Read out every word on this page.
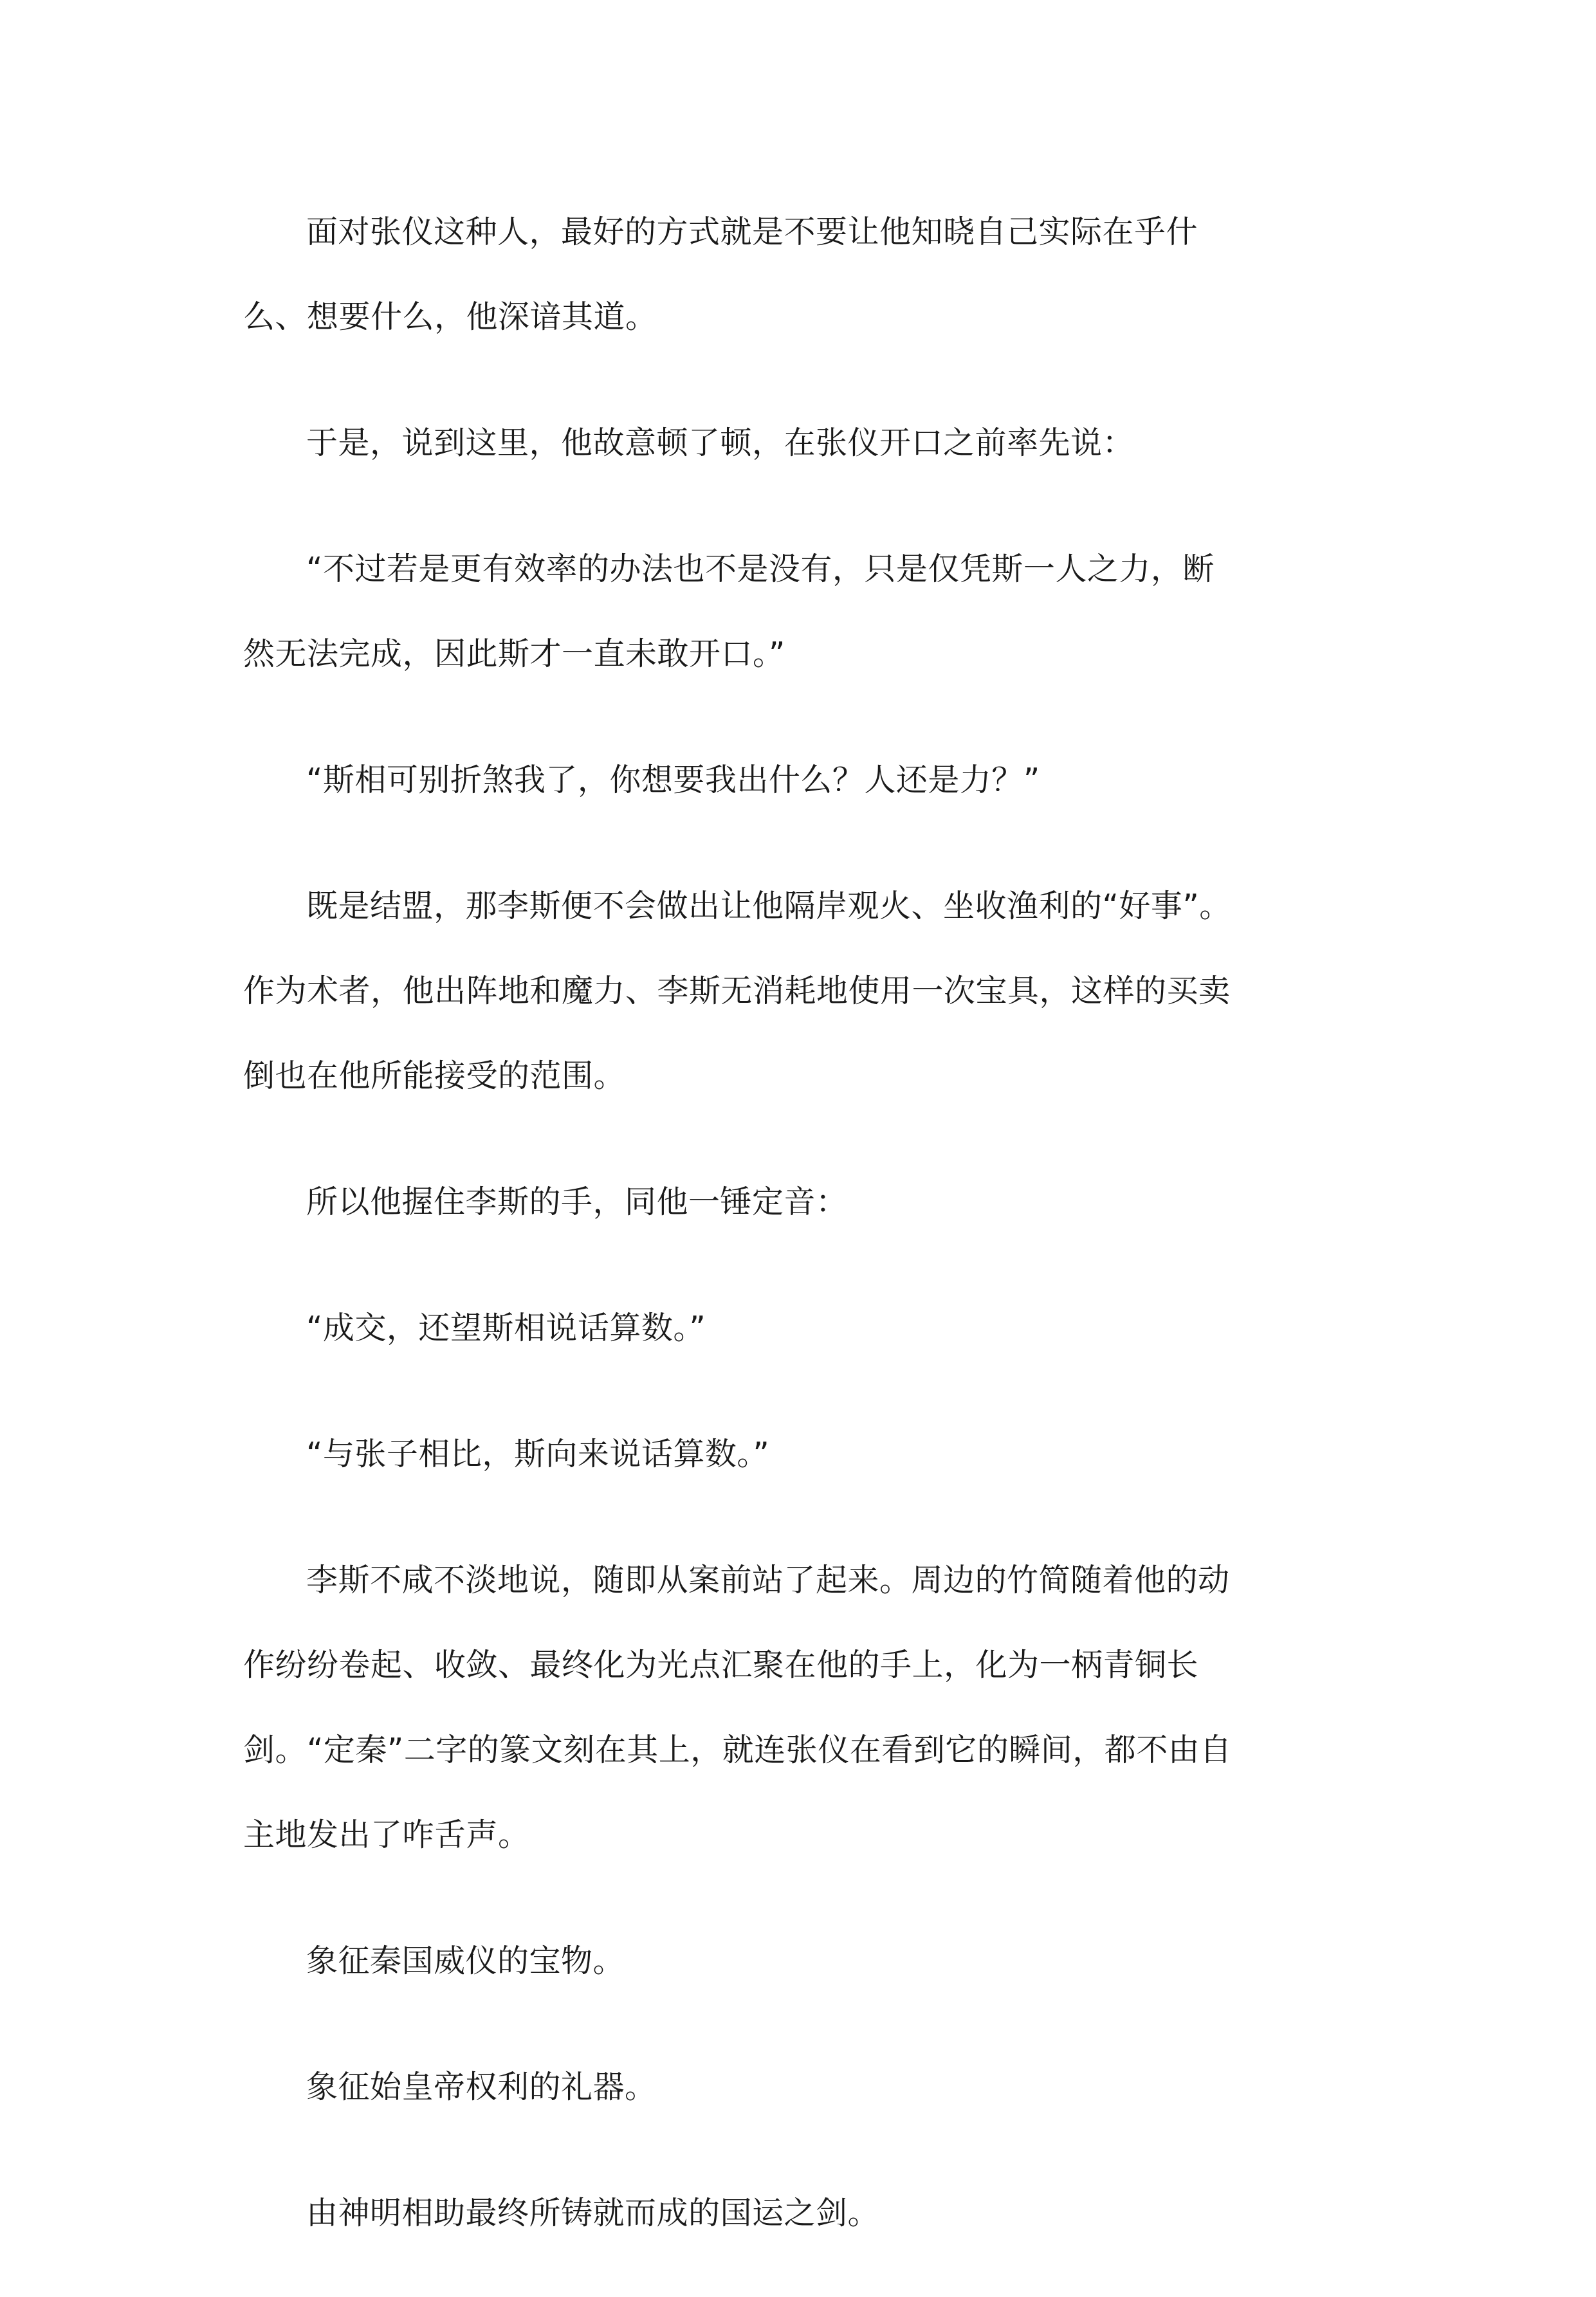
面对张仪这种人，最好的方式就是不要让他知晓自己实际在乎什么、想要什么，他深谙其道。

于是，说到这里，他故意顿了顿，在张仪开口之前率先说：

“不过若是更有效率的办法也不是没有，只是仅凭斯一人之力，断然无法完成，因此斯才一直未敢开口。”

“斯相可别折煞我了，你想要我出什么？人还是力？”

既是结盟，那李斯便不会做出让他隔岸观火、坐收渔利的“好事”。作为术者，他出阵地和魔力、李斯无消耗地使用一次宝具，这样的买卖倒也在他所能接受的范围。

所以他握住李斯的手，同他一锤定音：

“成交，还望斯相说话算数。”

“与张子相比，斯向来说话算数。”

李斯不咸不淡地说，随即从案前站了起来。周边的竹简随着他的动作纷纷卷起、收敛、最终化为光点汇聚在他的手上，化为一柄青铜长剑。“定秦”二字的篆文刻在其上，就连张仪在看到它的瞬间，都不由自主地发出了咋舌声。

象征秦国威仪的宝物。

象征始皇帝权利的礼器。

由神明相助最终所铸就而成的国运之剑。
